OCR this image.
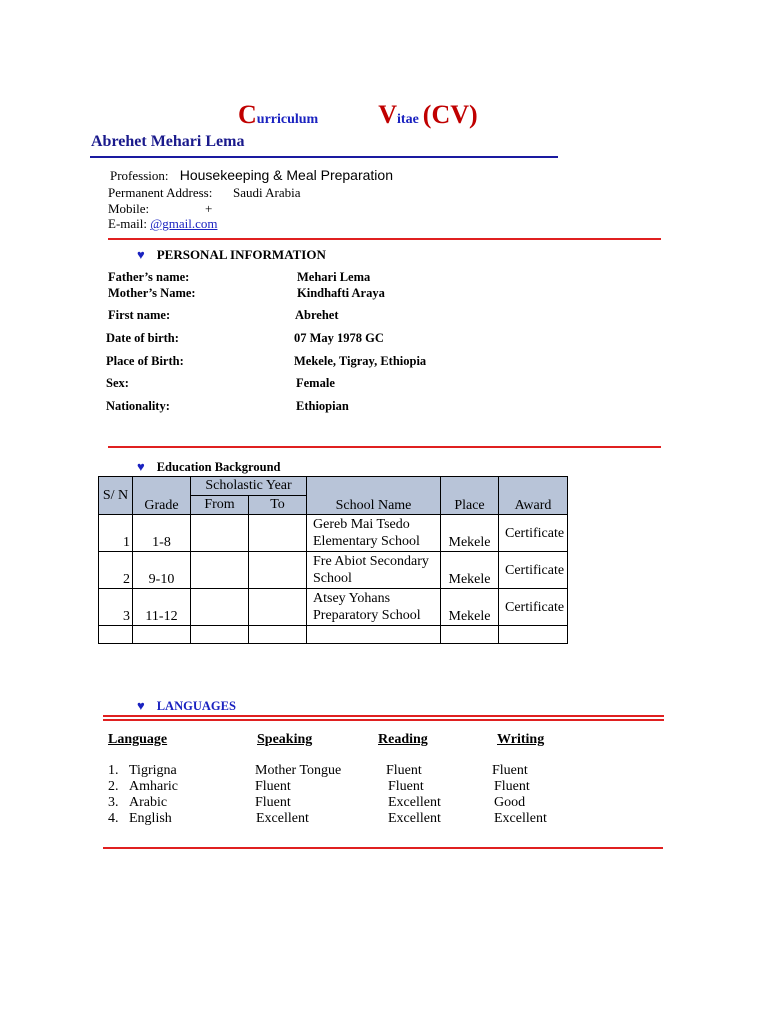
Curriculum Vitae (CV)
Abrehet Mehari Lema
Profession: Housekeeping & Meal Preparation
Permanent Address: Saudi Arabia
Mobile:	+
E-mail: @gmail.com
♥ PERSONAL INFORMATION
Father’s name:	Mehari Lema
Mother’s Name:	Kindhafti Araya
First name:	Abrehet
Date of birth:	07 May 1978 GC
Place of Birth:	Mekele, Tigray, Ethiopia
Sex:	Female
Nationality:	Ethiopian
♥ Education Background
S/ N	Grade	Scholastic Year		School Name	Place	Award
		From	To			
1	1-8			Gereb Mai Tsedo Elementary School	Mekele	Certificate
2	9-10			Fre Abiot Secondary School	Mekele	Certificate
3	11-12			Atsey Yohans Preparatory School	Mekele	Certificate

♥ LANGUAGES
Language	Speaking	Reading	Writing
1. Tigrigna	Mother Tongue	Fluent	Fluent
2. Amharic	Fluent	Fluent	Fluent
3. Arabic	Fluent	Excellent	Good
4. English	Excellent	Excellent	Excellent
